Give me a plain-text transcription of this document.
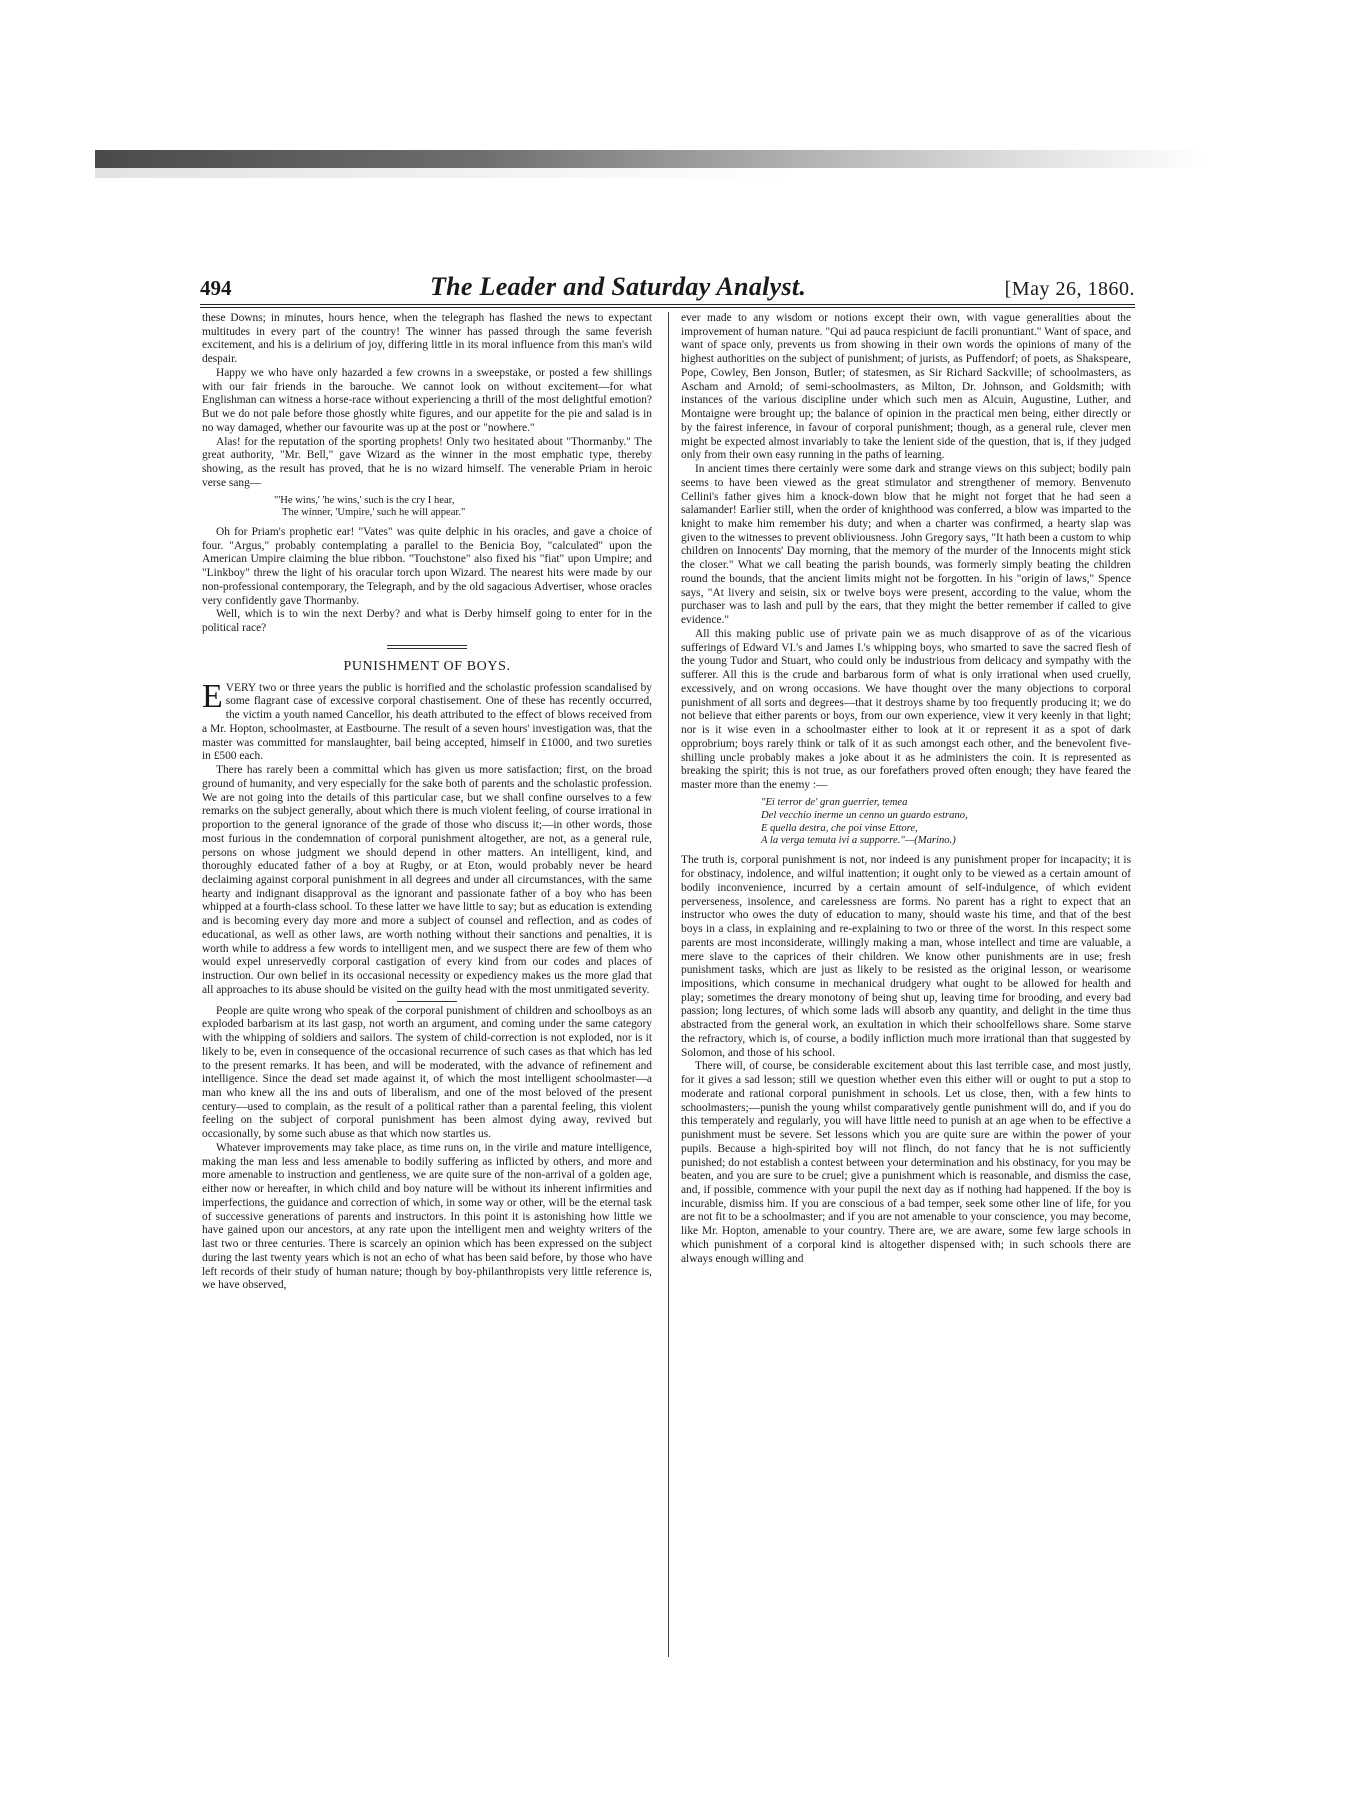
494	The Leader and Saturday Analyst.	[May 26, 1860.

these Downs; in minutes, hours hence, when the telegraph has flashed the news to expectant multitudes in every part of the country! The winner has passed through the same feverish excitement, and his is a delirium of joy, differing little in its moral influence from this man's wild despair.

Happy we who have only hazarded a few crowns in a sweepstake, or posted a few shillings with our fair friends in the barouche. We cannot look on without excitement—for what Englishman can witness a horse-race without experiencing a thrill of the most delightful emotion? But we do not pale before those ghostly white figures, and our appetite for the pie and salad is in no way damaged, whether our favourite was up at the post or "nowhere."

Alas! for the reputation of the sporting prophets! Only two hesitated about "Thormanby." The great authority, "Mr. Bell," gave Wizard as the winner in the most emphatic type, thereby showing, as the result has proved, that he is no wizard himself. The venerable Priam in heroic verse sang—

"'He wins,' 'he wins,' such is the cry I hear,
The winner, 'Umpire,' such he will appear."

Oh for Priam's prophetic ear! "Vates" was quite delphic in his oracles, and gave a choice of four. "Argus," probably contemplating a parallel to the Benicia Boy, "calculated" upon the American Umpire claiming the blue ribbon. "Touchstone" also fixed his "fiat" upon Umpire; and "Linkboy" threw the light of his oracular torch upon Wizard. The nearest hits were made by our non-professional contemporary, the Telegraph, and by the old sagacious Advertiser, whose oracles very confidently gave Thormanby.

Well, which is to win the next Derby? and what is Derby himself going to enter for in the political race?

PUNISHMENT OF BOYS.

EVERY two or three years the public is horrified and the scholastic profession scandalised by some flagrant case of excessive corporal chastisement. One of these has recently occurred, the victim a youth named Cancellor, his death attributed to the effect of blows received from a Mr. Hopton, schoolmaster, at Eastbourne. The result of a seven hours' investigation was, that the master was committed for manslaughter, bail being accepted, himself in £1000, and two sureties in £500 each.

There has rarely been a committal which has given us more satisfaction; first, on the broad ground of humanity, and very especially for the sake both of parents and the scholastic profession. We are not going into the details of this particular case, but we shall confine ourselves to a few remarks on the subject generally, about which there is much violent feeling, of course irrational in proportion to the general ignorance of the grade of those who discuss it;—in other words, those most furious in the condemnation of corporal punishment altogether, are not, as a general rule, persons on whose judgment we should depend in other matters. An intelligent, kind, and thoroughly educated father of a boy at Rugby, or at Eton, would probably never be heard declaiming against corporal punishment in all degrees and under all circumstances, with the same hearty and indignant disapproval as the ignorant and passionate father of a boy who has been whipped at a fourth-class school. To these latter we have little to say; but as education is extending and is becoming every day more and more a subject of counsel and reflection, and as codes of educational, as well as other laws, are worth nothing without their sanctions and penalties, it is worth while to address a few words to intelligent men, and we suspect there are few of them who would expel unreservedly corporal castigation of every kind from our codes and places of instruction. Our own belief in its occasional necessity or expediency makes us the more glad that all approaches to its abuse should be visited on the guilty head with the most unmitigated severity.

People are quite wrong who speak of the corporal punishment of children and schoolboys as an exploded barbarism at its last gasp, not worth an argument, and coming under the same category with the whipping of soldiers and sailors. The system of child-correction is not exploded, nor is it likely to be, even in consequence of the occasional recurrence of such cases as that which has led to the present remarks. It has been, and will be moderated, with the advance of refinement and intelligence. Since the dead set made against it, of which the most intelligent schoolmaster—a man who knew all the ins and outs of liberalism, and one of the most beloved of the present century—used to complain, as the result of a political rather than a parental feeling, this violent feeling on the subject of corporal punishment has been almost dying away, revived but occasionally, by some such abuse as that which now startles us.

Whatever improvements may take place, as time runs on, in the virile and mature intelligence, making the man less and less amenable to bodily suffering as inflicted by others, and more and more amenable to instruction and gentleness, we are quite sure of the non-arrival of a golden age, either now or hereafter, in which child and boy nature will be without its inherent infirmities and imperfections, the guidance and correction of which, in some way or other, will be the eternal task of successive generations of parents and instructors. In this point it is astonishing how little we have gained upon our ancestors, at any rate upon the intelligent men and weighty writers of the last two or three centuries. There is scarcely an opinion which has been expressed on the subject during the last twenty years which is not an echo of what has been said before, by those who have left records of their study of human nature; though by boy-philanthropists very little reference is, we have observed,

ever made to any wisdom or notions except their own, with vague generalities about the improvement of human nature. "Qui ad pauca respiciunt de facili pronuntiant." Want of space, and want of space only, prevents us from showing in their own words the opinions of many of the highest authorities on the subject of punishment; of jurists, as Puffendorf; of poets, as Shakspeare, Pope, Cowley, Ben Jonson, Butler; of statesmen, as Sir Richard Sackville; of schoolmasters, as Ascham and Arnold; of semi-schoolmasters, as Milton, Dr. Johnson, and Goldsmith; with instances of the various discipline under which such men as Alcuin, Augustine, Luther, and Montaigne were brought up; the balance of opinion in the practical men being, either directly or by the fairest inference, in favour of corporal punishment; though, as a general rule, clever men might be expected almost invariably to take the lenient side of the question, that is, if they judged only from their own easy running in the paths of learning.

In ancient times there certainly were some dark and strange views on this subject; bodily pain seems to have been viewed as the great stimulator and strengthener of memory. Benvenuto Cellini's father gives him a knock-down blow that he might not forget that he had seen a salamander! Earlier still, when the order of knighthood was conferred, a blow was imparted to the knight to make him remember his duty; and when a charter was confirmed, a hearty slap was given to the witnesses to prevent obliviousness. John Gregory says, "It hath been a custom to whip children on Innocents' Day morning, that the memory of the murder of the Innocents might stick the closer." What we call beating the parish bounds, was formerly simply beating the children round the bounds, that the ancient limits might not be forgotten. In his "origin of laws," Spence says, "At livery and seisin, six or twelve boys were present, according to the value, whom the purchaser was to lash and pull by the ears, that they might the better remember if called to give evidence."

All this making public use of private pain we as much disapprove of as of the vicarious sufferings of Edward VI.'s and James I.'s whipping boys, who smarted to save the sacred flesh of the young Tudor and Stuart, who could only be industrious from delicacy and sympathy with the sufferer. All this is the crude and barbarous form of what is only irrational when used cruelly, excessively, and on wrong occasions. We have thought over the many objections to corporal punishment of all sorts and degrees—that it destroys shame by too frequently producing it; we do not believe that either parents or boys, from our own experience, view it very keenly in that light; nor is it wise even in a schoolmaster either to look at it or represent it as a spot of dark opprobrium; boys rarely think or talk of it as such amongst each other, and the benevolent five-shilling uncle probably makes a joke about it as he administers the coin. It is represented as breaking the spirit; this is not true, as our forefathers proved often enough; they have feared the master more than the enemy :—

"Ei terror de' gran guerrier, temea
Del vecchio inerme un cenno un guardo estrano,
E quella destra, che poi vinse Ettore,
A la verga temuta ivi a supporre."—(Marino.)

The truth is, corporal punishment is not, nor indeed is any punishment proper for incapacity; it is for obstinacy, indolence, and wilful inattention; it ought only to be viewed as a certain amount of bodily inconvenience, incurred by a certain amount of self-indulgence, of which evident perverseness, insolence, and carelessness are forms. No parent has a right to expect that an instructor who owes the duty of education to many, should waste his time, and that of the best boys in a class, in explaining and re-explaining to two or three of the worst. In this respect some parents are most inconsiderate, willingly making a man, whose intellect and time are valuable, a mere slave to the caprices of their children. We know other punishments are in use; fresh punishment tasks, which are just as likely to be resisted as the original lesson, or wearisome impositions, which consume in mechanical drudgery what ought to be allowed for health and play; sometimes the dreary monotony of being shut up, leaving time for brooding, and every bad passion; long lectures, of which some lads will absorb any quantity, and delight in the time thus abstracted from the general work, an exultation in which their schoolfellows share. Some starve the refractory, which is, of course, a bodily infliction much more irrational than that suggested by Solomon, and those of his school.

There will, of course, be considerable excitement about this last terrible case, and most justly, for it gives a sad lesson; still we question whether even this either will or ought to put a stop to moderate and rational corporal punishment in schools. Let us close, then, with a few hints to schoolmasters;—punish the young whilst comparatively gentle punishment will do, and if you do this temperately and regularly, you will have little need to punish at an age when to be effective a punishment must be severe. Set lessons which you are quite sure are within the power of your pupils. Because a high-spirited boy will not flinch, do not fancy that he is not sufficiently punished; do not establish a contest between your determination and his obstinacy, for you may be beaten, and you are sure to be cruel; give a punishment which is reasonable, and dismiss the case, and, if possible, commence with your pupil the next day as if nothing had happened. If the boy is incurable, dismiss him. If you are conscious of a bad temper, seek some other line of life, for you are not fit to be a schoolmaster; and if you are not amenable to your conscience, you may become, like Mr. Hopton, amenable to your country. There are, we are aware, some few large schools in which punishment of a corporal kind is altogether dispensed with; in such schools there are always enough willing and
